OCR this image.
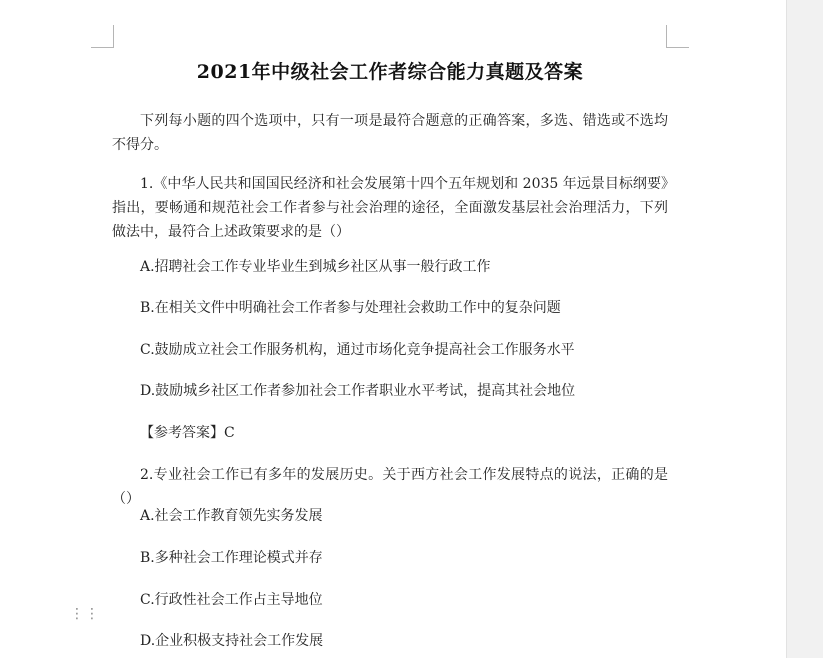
2021年中级社会工作者综合能力真题及答案

下列每小题的四个选项中，只有一项是最符合题意的正确答案，多选、错选或不选均不得分。

1.《中华人民共和国国民经济和社会发展第十四个五年规划和 2035 年远景目标纲要》指出，要畅通和规范社会工作者参与社会治理的途径，全面激发基层社会治理活力，下列做法中，最符合上述政策要求的是（）

A.招聘社会工作专业毕业生到城乡社区从事一般行政工作

B.在相关文件中明确社会工作者参与处理社会救助工作中的复杂问题

C.鼓励成立社会工作服务机构，通过市场化竞争提高社会工作服务水平

D.鼓励城乡社区工作者参加社会工作者职业水平考试，提高其社会地位

【参考答案】C

2.专业社会工作已有多年的发展历史。关于西方社会工作发展特点的说法，正确的是（）

A.社会工作教育领先实务发展

B.多种社会工作理论模式并存

C.行政性社会工作占主导地位

D.企业积极支持社会工作发展

⋮⋮
